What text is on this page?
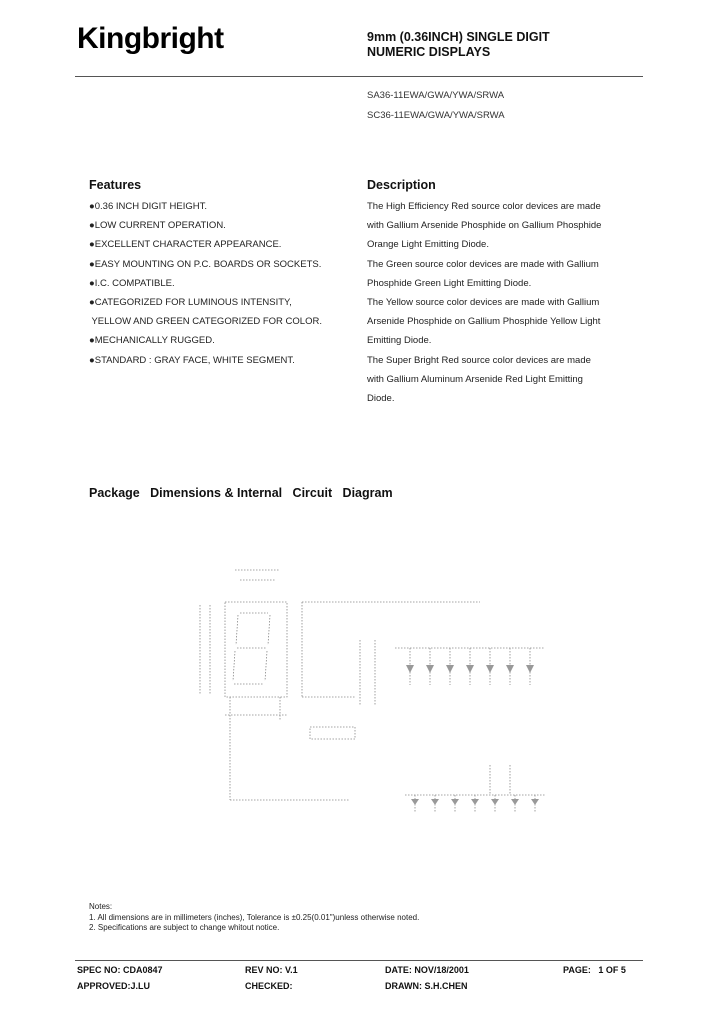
Kingbright	9mm (0.36INCH) SINGLE DIGIT
NUMERIC DISPLAYS
SA36-11EWA/GWA/YWA/SRWA
SC36-11EWA/GWA/YWA/SRWA
Features
●0.36 INCH DIGIT HEIGHT.
●LOW CURRENT OPERATION.
●EXCELLENT CHARACTER APPEARANCE.
●EASY MOUNTING ON P.C. BOARDS OR SOCKETS.
●I.C. COMPATIBLE.
●CATEGORIZED FOR LUMINOUS INTENSITY,
YELLOW AND GREEN CATEGORIZED FOR COLOR.
●MECHANICALLY RUGGED.
●STANDARD : GRAY FACE, WHITE SEGMENT.
Description
The High Efficiency Red source color devices are made
with Gallium Arsenide Phosphide on Gallium Phosphide
Orange Light Emitting Diode.
The Green source color devices are made with Gallium
Phosphide Green Light Emitting Diode.
The Yellow source color devices are made with Gallium
Arsenide Phosphide on Gallium Phosphide Yellow Light
Emitting Diode.
The Super Bright Red source color devices are made
with Gallium Aluminum Arsenide Red Light Emitting
Diode.
Package   Dimensions & Internal   Circuit   Diagram
Notes:
1. All dimensions are in millimeters (inches), Tolerance is ±0.25(0.01")unless otherwise noted.
2. Specifications are subject to change whitout notice.
SPEC NO: CDA0847	REV NO: V.1	DATE: NOV/18/2001	PAGE:   1 OF 5
APPROVED:J.LU	CHECKED:	DRAWN: S.H.CHEN
